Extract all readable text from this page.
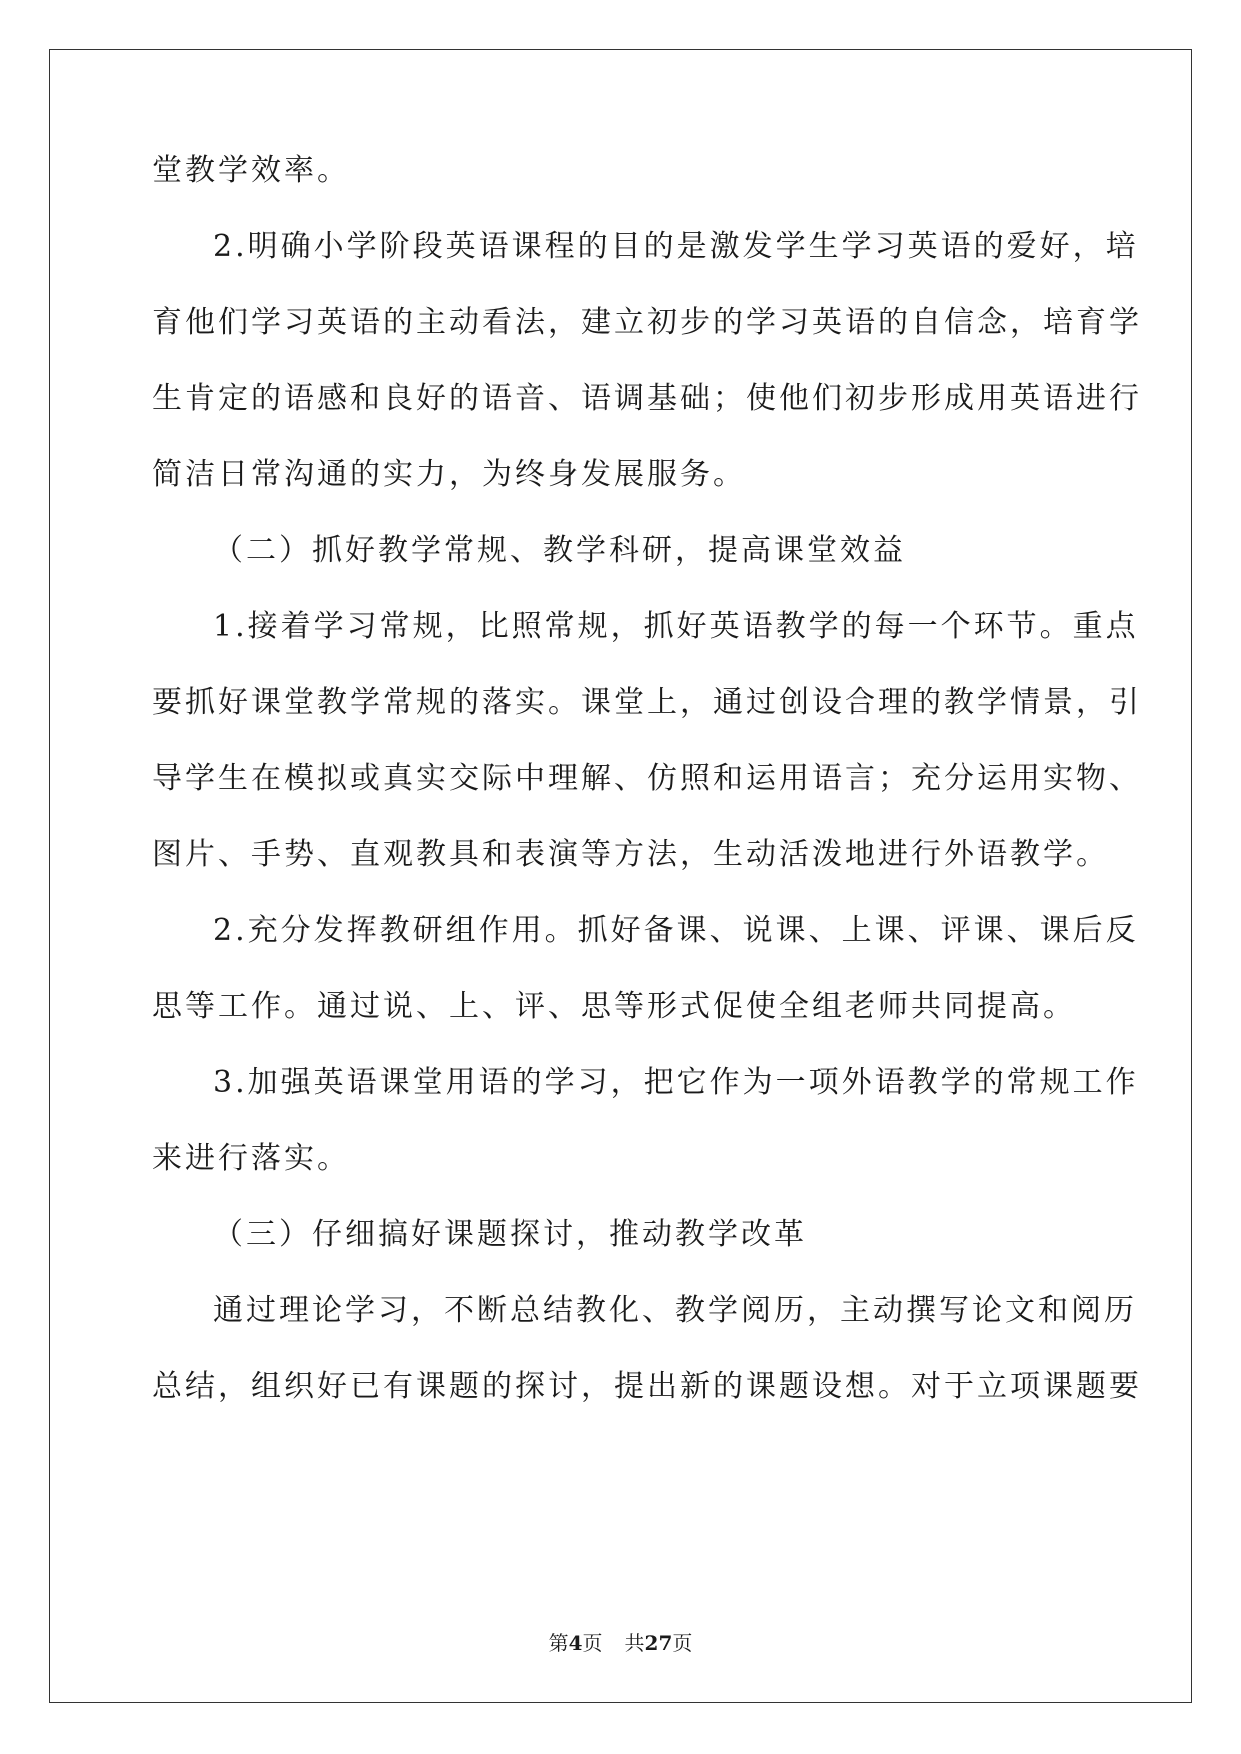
堂教学效率。

2.明确小学阶段英语课程的目的是激发学生学习英语的爱好，培

育他们学习英语的主动看法，建立初步的学习英语的自信念，培育学

生肯定的语感和良好的语音、语调基础；使他们初步形成用英语进行

简洁日常沟通的实力，为终身发展服务。

（二）抓好教学常规、教学科研，提高课堂效益

1.接着学习常规，比照常规，抓好英语教学的每一个环节。重点

要抓好课堂教学常规的落实。课堂上，通过创设合理的教学情景，引

导学生在模拟或真实交际中理解、仿照和运用语言；充分运用实物、

图片、手势、直观教具和表演等方法，生动活泼地进行外语教学。

2.充分发挥教研组作用。抓好备课、说课、上课、评课、课后反

思等工作。通过说、上、评、思等形式促使全组老师共同提高。

3.加强英语课堂用语的学习，把它作为一项外语教学的常规工作

来进行落实。

（三）仔细搞好课题探讨，推动教学改革

通过理论学习，不断总结教化、教学阅历，主动撰写论文和阅历

总结，组织好已有课题的探讨，提出新的课题设想。对于立项课题要

第4页 共27页
